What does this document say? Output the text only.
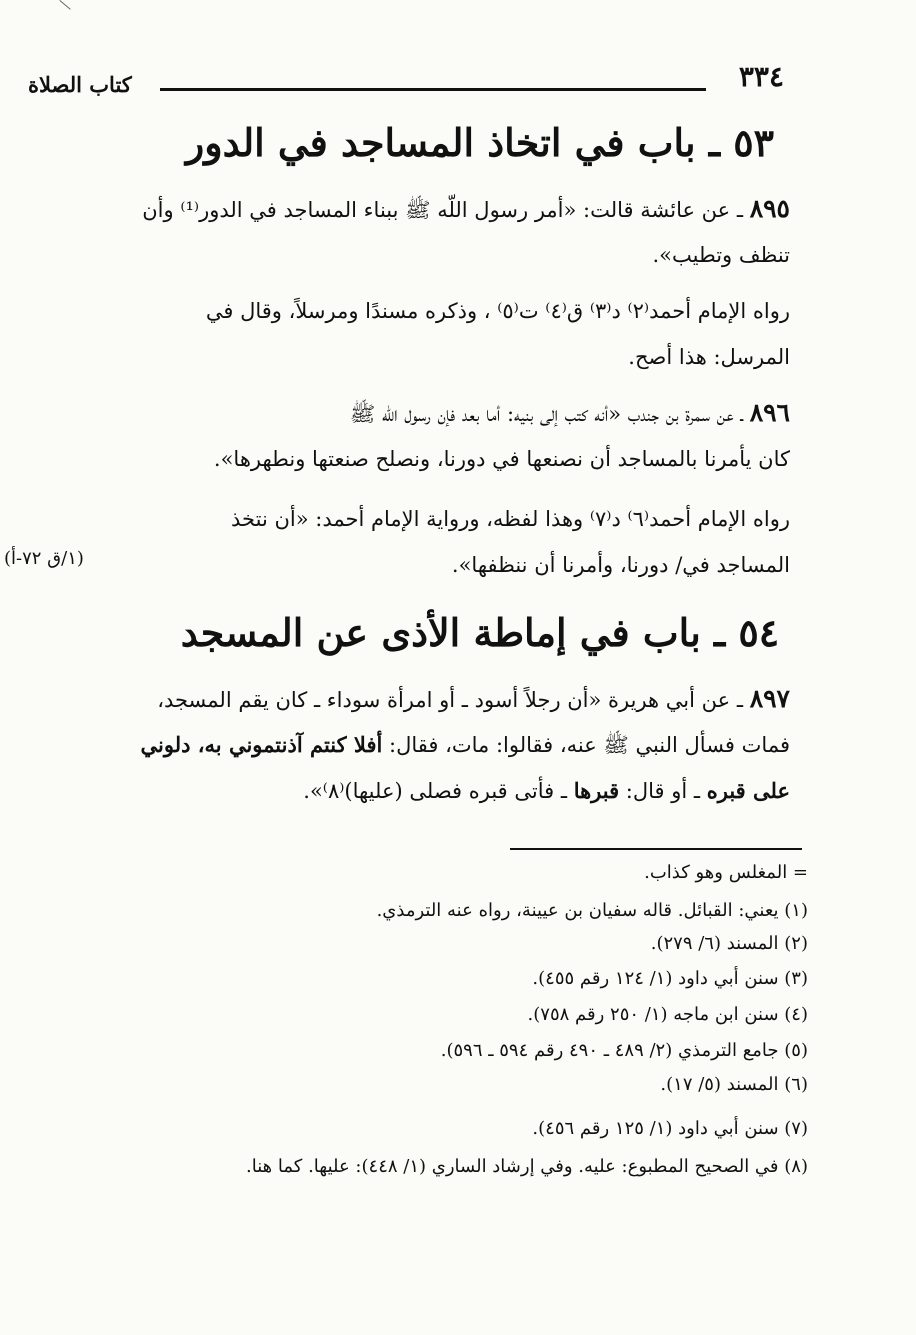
٣٣٤
كتاب الصلاة
٥٣ ـ باب في اتخاذ المساجد في الدور
٨٩٥ ـ عن عائشة قالت: «أمر رسول اللّه ﷺ ببناء المساجد في الدور⁽¹⁾ وأن
تنظف وتطيب».
رواه الإمام أحمد⁽٢⁾ د⁽٣⁾ ق⁽٤⁾ ت⁽٥⁾ ، وذكره مسندًا ومرسلاً، وقال في
المرسل: هذا أصح.
٨٩٦ ـ عن سمرة بن جندب «أنه كتب إلى بنيه: أما بعد فإن رسول اللّه ﷺ
كان يأمرنا بالمساجد أن نصنعها في دورنا، ونصلح صنعتها ونطهرها».
رواه الإمام أحمد⁽٦⁾ د⁽٧⁾ وهذا لفظه، ورواية الإمام أحمد: «أن نتخذ
المساجد في/ دورنا، وأمرنا أن ننظفها».
(١/ق ٧٢-أ)
٥٤ ـ باب في إماطة الأذى عن المسجد
٨٩٧ ـ عن أبي هريرة «أن رجلاً أسود ـ أو امرأة سوداء ـ كان يقم المسجد،
فمات فسأل النبي ﷺ عنه، فقالوا: مات، فقال: أفلا كنتم آذنتموني به، دلوني
على قبره ـ أو قال: قبرها ـ فأتى قبره فصلى (عليها)⁽٨⁾».
= المغلس وهو كذاب.
(١) يعني: القبائل. قاله سفيان بن عيينة، رواه عنه الترمذي.
(٢) المسند (٦/ ٢٧٩).
(٣) سنن أبي داود (١/ ١٢٤ رقم ٤٥٥).
(٤) سنن ابن ماجه (١/ ٢٥٠ رقم ٧٥٨).
(٥) جامع الترمذي (٢/ ٤٨٩ ـ ٤٩٠ رقم ٥٩٤ ـ ٥٩٦).
(٦) المسند (٥/ ١٧).
(٧) سنن أبي داود (١/ ١٢٥ رقم ٤٥٦).
(٨) في الصحيح المطبوع: عليه. وفي إرشاد الساري (١/ ٤٤٨): عليها. كما هنا.
